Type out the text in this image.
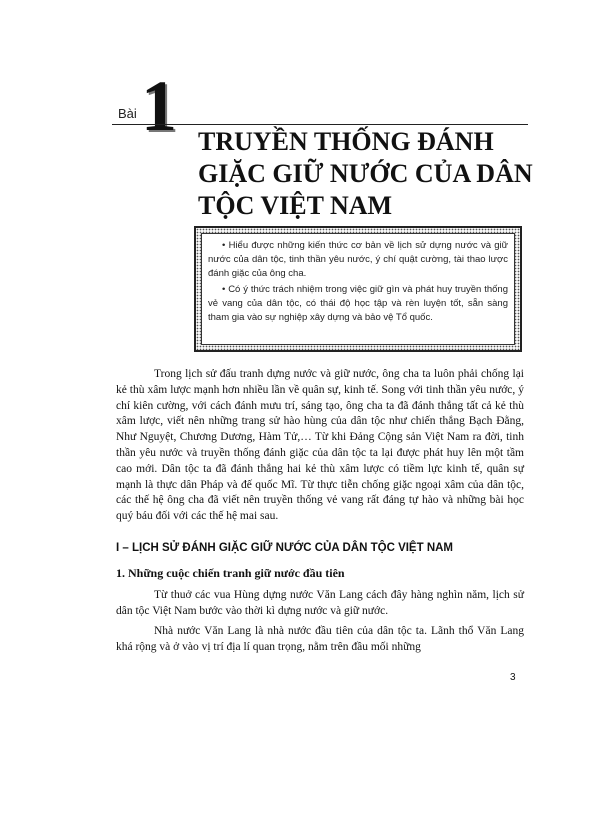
Bài 1 TRUYỀN THỐNG ĐÁNH GIẶC GIỮ NƯỚC CỦA DÂN TỘC VIỆT NAM

• Hiểu được những kiến thức cơ bản về lịch sử dựng nước và giữ nước của dân tộc, tinh thần yêu nước, ý chí quật cường, tài thao lược đánh giặc của ông cha.

• Có ý thức trách nhiệm trong việc giữ gìn và phát huy truyền thống vẻ vang của dân tộc, có thái độ học tập và rèn luyện tốt, sẵn sàng tham gia vào sự nghiệp xây dựng và bảo vệ Tổ quốc.

Trong lịch sử đấu tranh dựng nước và giữ nước, ông cha ta luôn phải chống lại kẻ thù xâm lược mạnh hơn nhiều lần về quân sự, kinh tế. Song với tinh thần yêu nước, ý chí kiên cường, với cách đánh mưu trí, sáng tạo, ông cha ta đã đánh thắng tất cả kẻ thù xâm lược, viết nên những trang sử hào hùng của dân tộc như chiến thắng Bạch Đằng, Như Nguyệt, Chương Dương, Hàm Tử,… Từ khi Đảng Cộng sản Việt Nam ra đời, tinh thần yêu nước và truyền thống đánh giặc của dân tộc ta lại được phát huy lên một tầm cao mới. Dân tộc ta đã đánh thắng hai kẻ thù xâm lược có tiềm lực kinh tế, quân sự mạnh là thực dân Pháp và đế quốc Mĩ. Từ thực tiễn chống giặc ngoại xâm của dân tộc, các thế hệ ông cha đã viết nên truyền thống vẻ vang rất đáng tự hào và những bài học quý báu đối với các thế hệ mai sau.

I – LỊCH SỬ ĐÁNH GIẶC GIỮ NƯỚC CỦA DÂN TỘC VIỆT NAM
1. Những cuộc chiến tranh giữ nước đầu tiên

Từ thuở các vua Hùng dựng nước Văn Lang cách đây hàng nghìn năm, lịch sử dân tộc Việt Nam bước vào thời kì dựng nước và giữ nước.

Nhà nước Văn Lang là nhà nước đầu tiên của dân tộc ta. Lãnh thổ Văn Lang khá rộng và ở vào vị trí địa lí quan trọng, nằm trên đầu mối những

3
